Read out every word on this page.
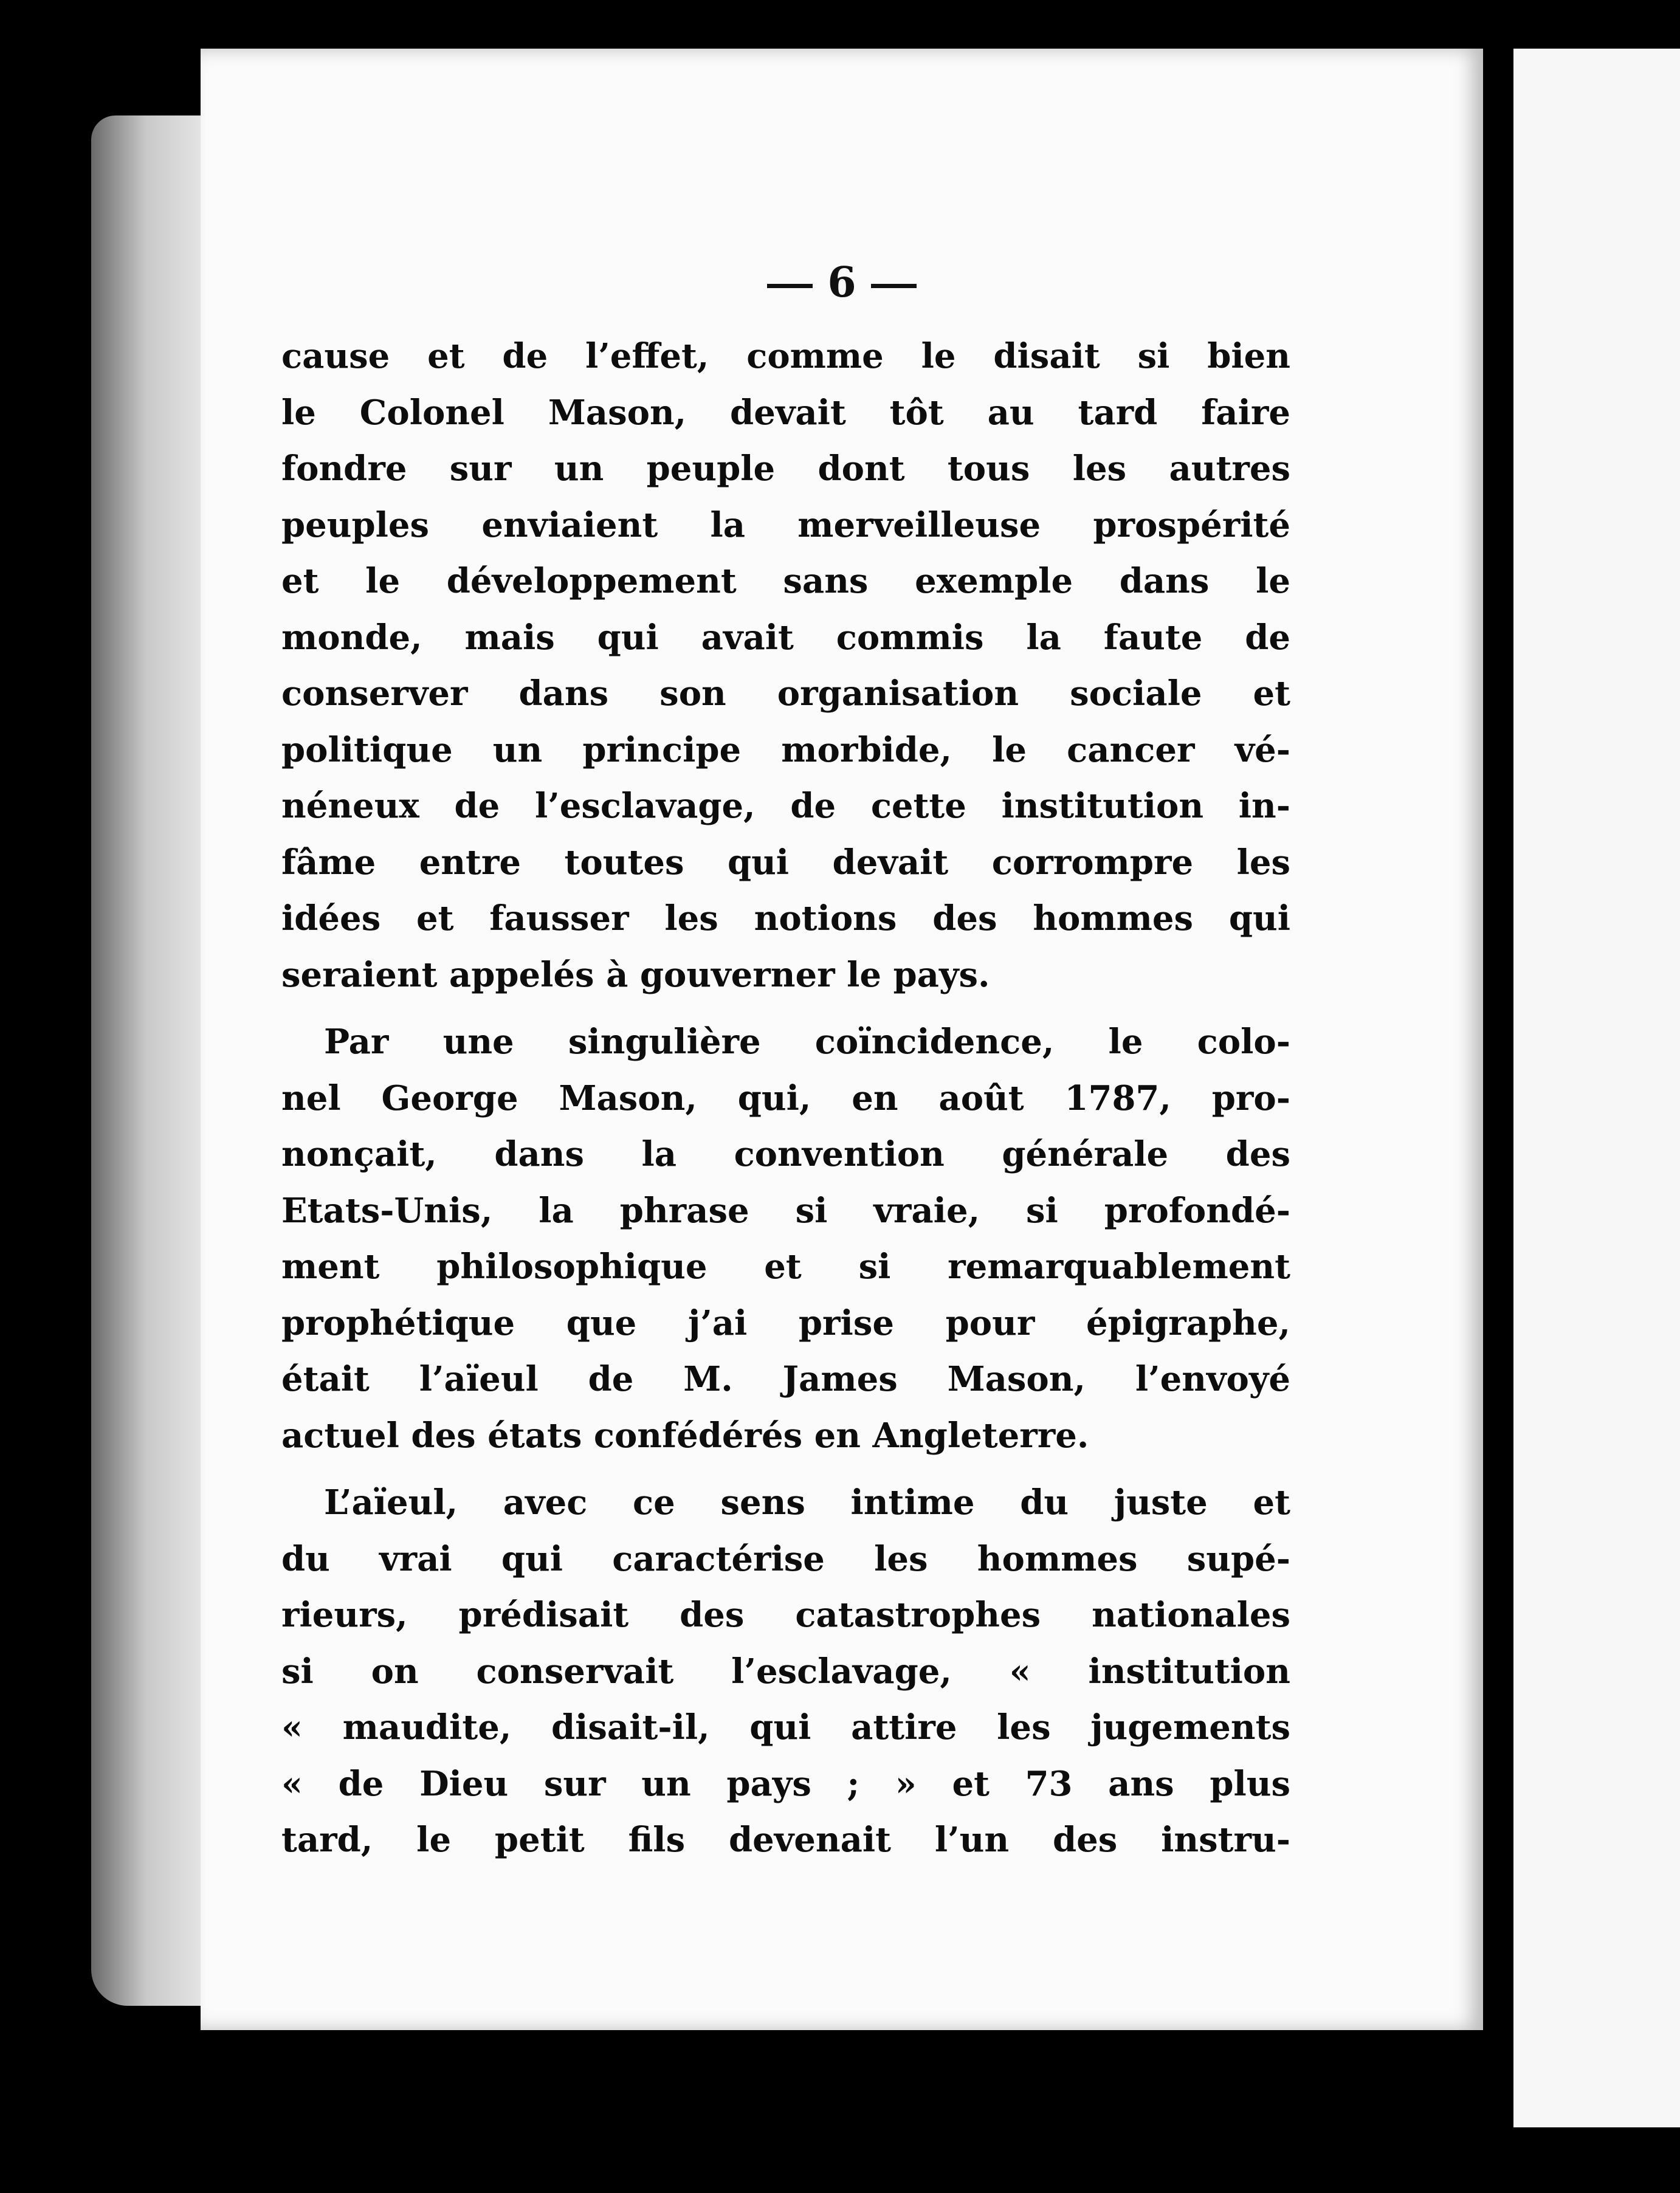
6
cause et de l’effet, comme le disait si bien
le Colonel Mason, devait tôt au tard faire
fondre sur un peuple dont tous les autres
peuples enviaient la merveilleuse prospérité
et le développement sans exemple dans le
monde, mais qui avait commis la faute de
conserver dans son organisation sociale et
politique un principe morbide, le cancer vé-
néneux de l’esclavage, de cette institution in-
fâme entre toutes qui devait corrompre les
idées et fausser les notions des hommes qui
seraient appelés à gouverner le pays.
Par une singulière coïncidence, le colo-
nel George Mason, qui, en août 1787, pro-
nonçait, dans la convention générale des
Etats-Unis, la phrase si vraie, si profondé-
ment philosophique et si remarquablement
prophétique que j’ai prise pour épigraphe,
était l’aïeul de M. James Mason, l’envoyé
actuel des états confédérés en Angleterre.
L’aïeul, avec ce sens intime du juste et
du vrai qui caractérise les hommes supé-
rieurs, prédisait des catastrophes nationales
si on conservait l’esclavage, « institution
« maudite, disait-il, qui attire les jugements
« de Dieu sur un pays ; » et 73 ans plus
tard, le petit fils devenait l’un des instru-
